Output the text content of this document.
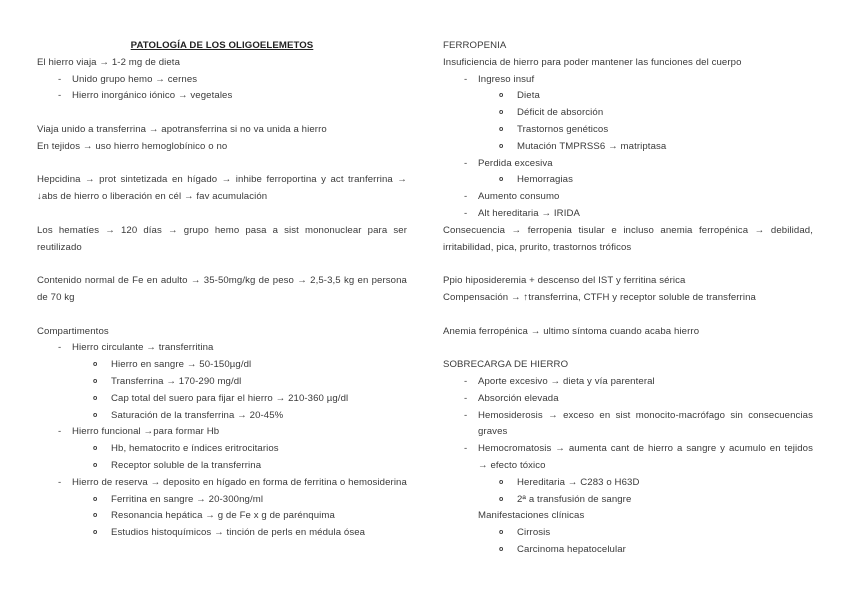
PATOLOGÍA DE LOS OLIGOELEMETOS
El hierro viaja → 1-2 mg de dieta
-	Unido grupo hemo → cernes
-	Hierro inorgánico iónico → vegetales
Viaja unido a transferrina → apotransferrina si no va unida a hierro
En tejidos → uso hierro hemoglobínico o no
Hepcidina → prot sintetizada en hígado → inhibe ferroportina y act tranferrina → ↓abs de hierro o liberación en cél → fav acumulación
Los hematíes → 120 días → grupo hemo pasa a sist mononuclear para ser reutilizado
Contenido normal de Fe en adulto → 35-50mg/kg de peso → 2,5-3,5 kg en persona de 70 kg
Compartimentos
-	Hierro circulante → transferritina
o Hierro en sangre → 50-150µg/dl
o Transferrina → 170-290 mg/dl
o Cap total del suero para fijar el hierro → 210-360 µg/dl
o Saturación de la transferrina → 20-45%
-	Hierro funcional →para formar Hb
o Hb, hematocrito e índices eritrocitarios
o Receptor soluble de la transferrina
- Hierro de reserva → deposito en hígado en forma de ferritina o hemosiderina
o Ferritina en sangre → 20-300ng/ml
o Resonancia hepática → g de Fe x g de parénquima
o Estudios histoquímicos → tinción de perls en médula ósea
FERROPENIA
Insuficiencia de hierro para poder mantener las funciones del cuerpo
-	Ingreso insuf
o Dieta
o Déficit de absorción
o Trastornos genéticos
o Mutación TMPRSS6 → matriptasa
-	Perdida excesiva
o Hemorragias
-	Aumento consumo
-	Alt hereditaria → IRIDA
Consecuencia → ferropenia tisular e incluso anemia ferropénica → debilidad, irritabilidad, pica, prurito, trastornos tróficos
Ppio hiposideremia + descenso del IST y ferritina sérica
Compensación → ↑transferrina, CTFH y receptor soluble de transferrina
Anemia ferropénica → ultimo síntoma cuando acaba hierro
SOBRECARGA DE HIERRO
-	Aporte excesivo → dieta y vía parenteral
-	Absorción elevada
- Hemosiderosis → exceso en sist monocito-macrófago sin consecuencias graves
- Hemocromatosis → aumenta cant de hierro a sangre y acumulo en tejidos → efecto tóxico
o Hereditaria → C283 o H63D
o 2ª a transfusión de sangre
Manifestaciones clínicas
o Cirrosis
o Carcinoma hepatocelular
